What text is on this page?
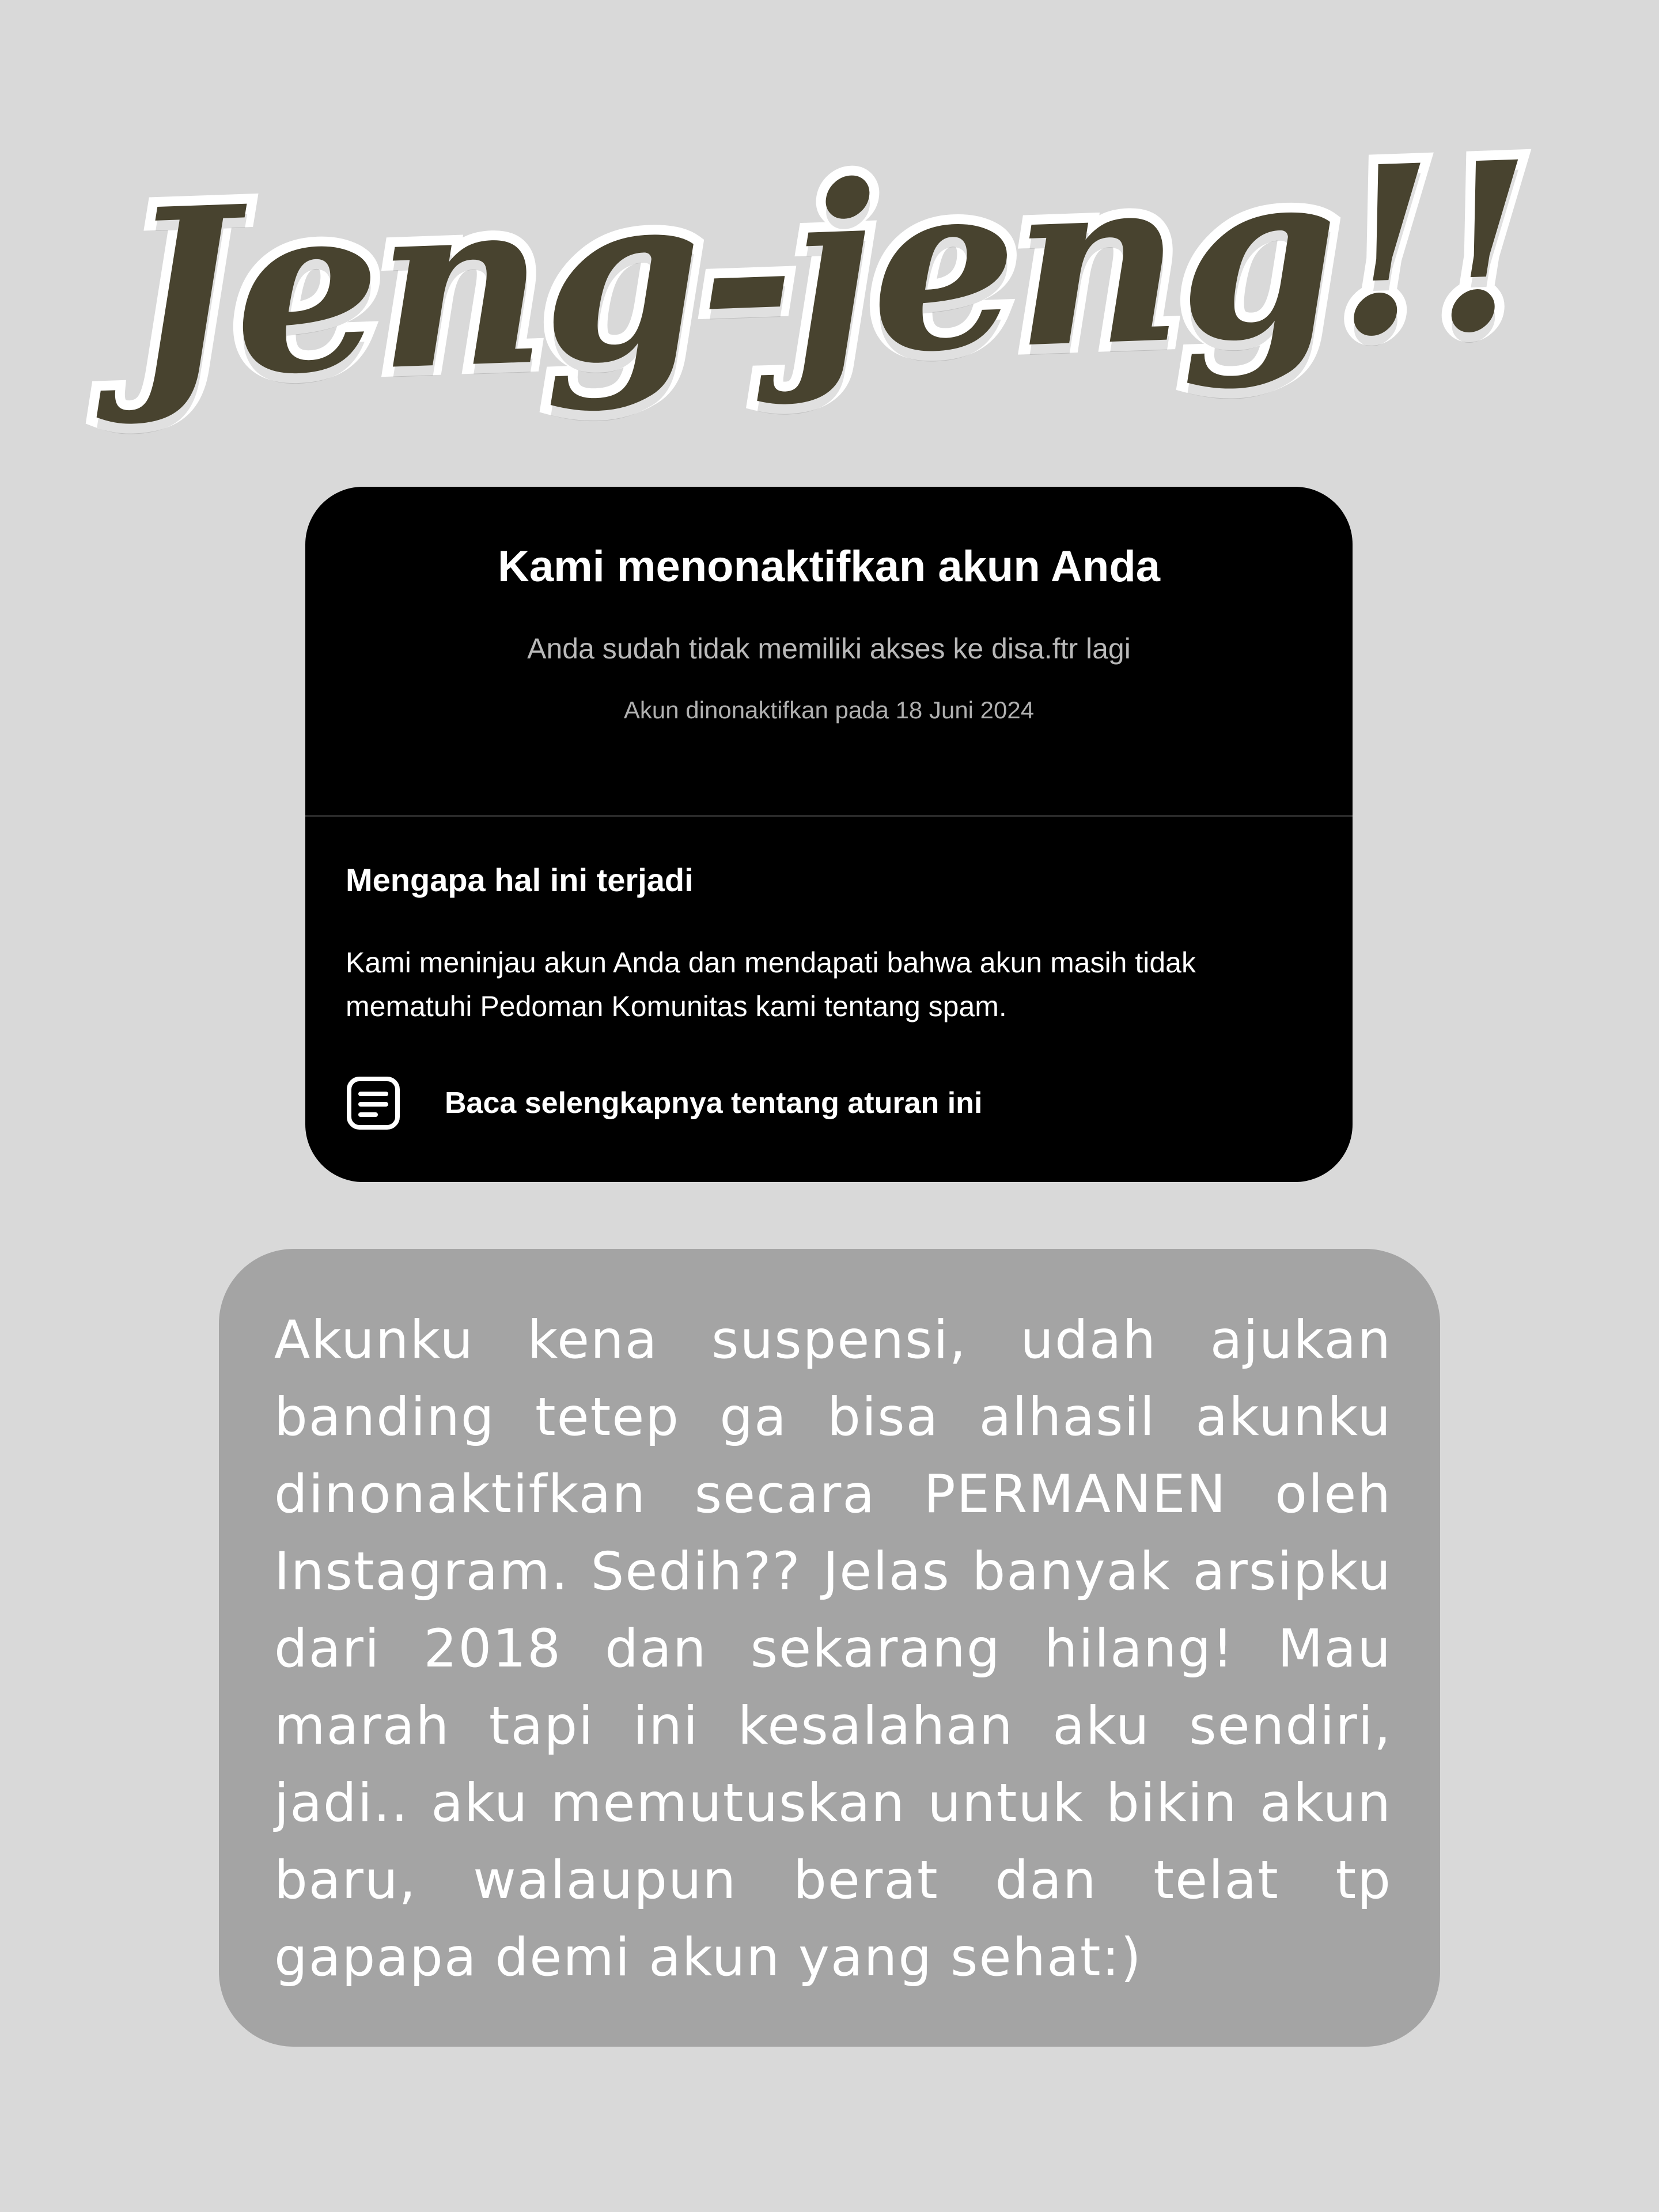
Jeng-jeng!!
Kami menonaktifkan akun Anda
Anda sudah tidak memiliki akses ke disa.ftr lagi
Akun dinonaktifkan pada 18 Juni 2024
Mengapa hal ini terjadi
Kami meninjau akun Anda dan mendapati bahwa akun masih tidak mematuhi Pedoman Komunitas kami tentang spam.
Baca selengkapnya tentang aturan ini
Akunku kena suspensi, udah ajukan banding tetep ga bisa alhasil akunku dinonaktifkan secara PERMANEN oleh Instagram. Sedih?? Jelas banyak arsipku dari 2018 dan sekarang hilang! Mau marah tapi ini kesalahan aku sendiri, jadi.. aku memutuskan untuk bikin akun baru, walaupun berat dan telat tp gapapa demi akun yang sehat:)
